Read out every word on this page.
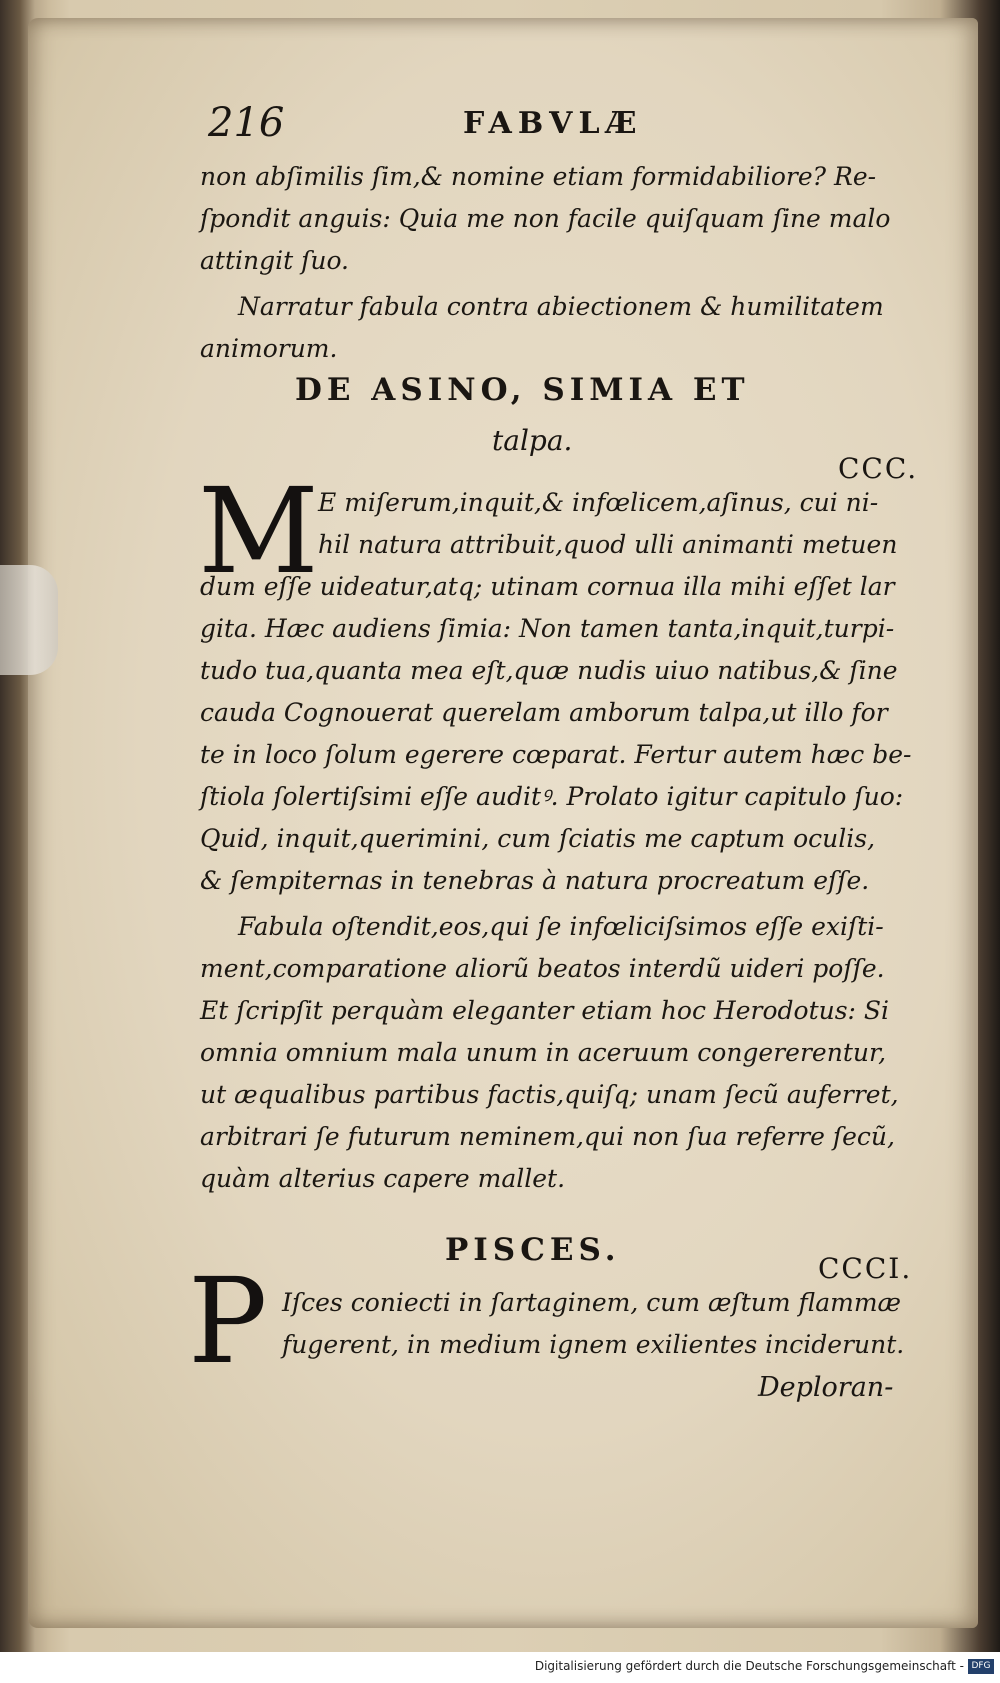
216	FABVLÆ
non abſimilis ſim,& nomine etiam formidabiliore? Re-
ſpondit anguis: Quia me non facile quiſquam ſine malo
attingit ſuo.
Narratur fabula contra abiectionem & humilitatem
animorum.
DE ASINO, SIMIA ET
talpa.
CCC.
M E miſerum,inquit,& infœlicem,aſinus, cui ni-
hil natura attribuit,quod ulli animanti metuen
dum eſſe uideatur,atq; utinam cornua illa mihi eſſet lar
gita. Hæc audiens ſimia: Non tamen tanta,inquit,turpi-
tudo tua,quanta mea eſt,quæ nudis uiuo natibus,& ſine
cauda Cognouerat querelam amborum talpa,ut illo for
te in loco ſolum egerere cœparat. Fertur autem hæc be-
ſtiola ſolertiſsimi eſſe auditꝰ. Prolato igitur capitulo ſuo:
Quid, inquit,querimini, cum ſciatis me captum oculis,
& ſempiternas in tenebras à natura procreatum eſſe.
Fabula oſtendit,eos,qui ſe infœliciſsimos eſſe exiſti-
ment,comparatione aliorũ beatos interdũ uideri poſſe.
Et ſcripſit perquàm eleganter etiam hoc Herodotus: Si
omnia omnium mala unum in aceruum congererentur,
ut æqualibus partibus factis,quiſq; unam ſecũ auferret,
arbitrari ſe futurum neminem,qui non ſua referre ſecũ,
quàm alterius capere mallet.
PISCES.
CCCI.
P Iſces coniecti in ſartaginem, cum æſtum flammæ
fugerent, in medium ignem exilientes inciderunt.
Deploran-
Digitalisierung gefördert durch die Deutsche Forschungsgemeinschaft - DFG
